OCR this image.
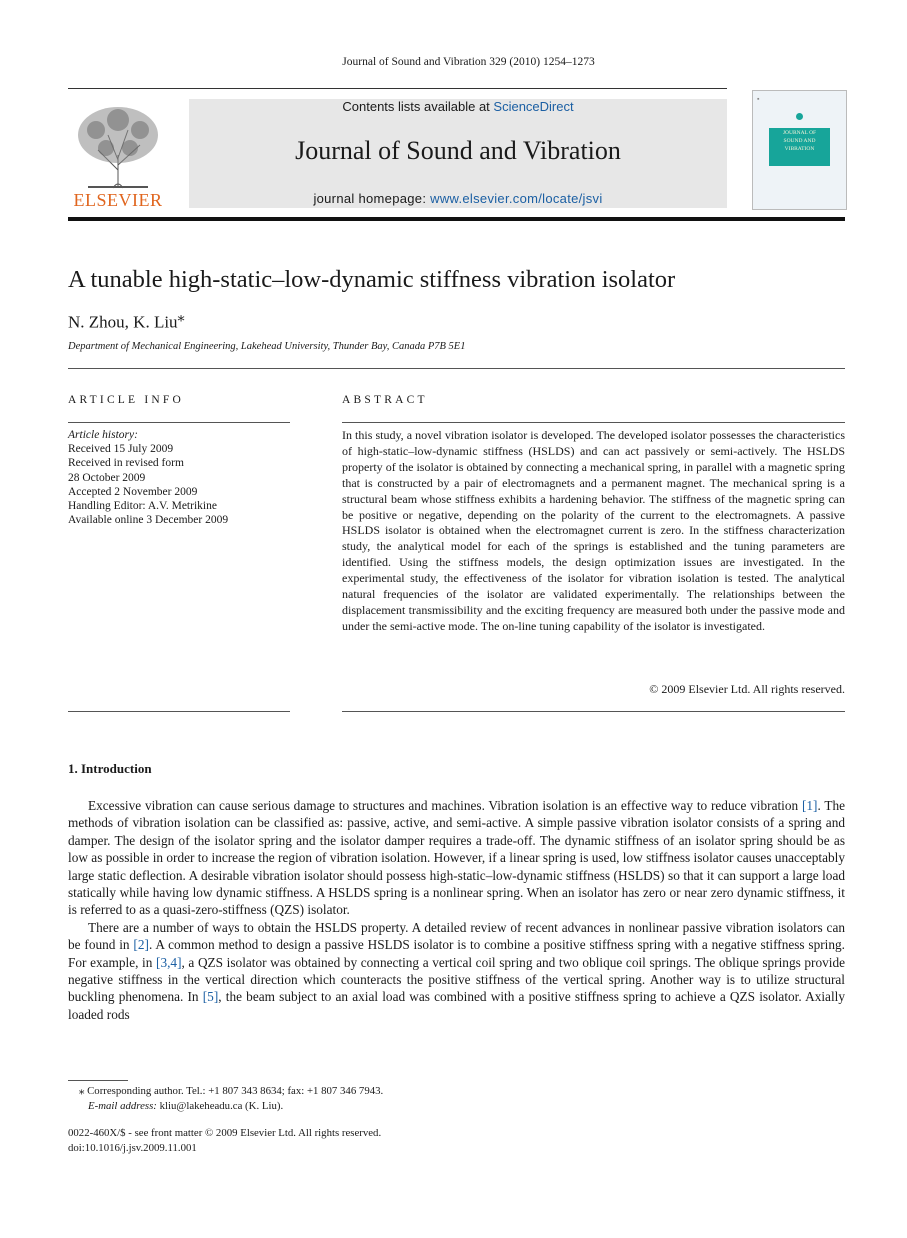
Journal of Sound and Vibration 329 (2010) 1254–1273
ELSEVIER
Contents lists available at ScienceDirect
Journal of Sound and Vibration
journal homepage: www.elsevier.com/locate/jsvi
▪
JOURNAL OF
SOUND AND
VIBRATION
A tunable high-static–low-dynamic stiffness vibration isolator
N. Zhou, K. Liu⁎
Department of Mechanical Engineering, Lakehead University, Thunder Bay, Canada P7B 5E1
ARTICLE INFO	ABSTRACT
Article history:
Received 15 July 2009
Received in revised form
28 October 2009
Accepted 2 November 2009
Handling Editor: A.V. Metrikine
Available online 3 December 2009
In this study, a novel vibration isolator is developed. The developed isolator possesses the characteristics of high-static–low-dynamic stiffness (HSLDS) and can act passively or semi-actively. The HSLDS property of the isolator is obtained by connecting a mechanical spring, in parallel with a magnetic spring that is constructed by a pair of electromagnets and a permanent magnet. The mechanical spring is a structural beam whose stiffness exhibits a hardening behavior. The stiffness of the magnetic spring can be positive or negative, depending on the polarity of the current to the electromagnets. A passive HSLDS isolator is obtained when the electromagnet current is zero. In the stiffness characterization study, the analytical model for each of the springs is established and the tuning parameters are identified. Using the stiffness models, the design optimization issues are investigated. In the experimental study, the effectiveness of the isolator for vibration isolation is tested. The analytical natural frequencies of the isolator are validated experimentally. The relationships between the displacement transmissibility and the exciting frequency are measured both under the passive mode and under the semi-active mode. The on-line tuning capability of the isolator is investigated.
© 2009 Elsevier Ltd. All rights reserved.
1. Introduction

Excessive vibration can cause serious damage to structures and machines. Vibration isolation is an effective way to reduce vibration [1]. The methods of vibration isolation can be classified as: passive, active, and semi-active. A simple passive vibration isolator consists of a spring and damper. The design of the isolator spring and the isolator damper requires a trade-off. The dynamic stiffness of an isolator spring should be as low as possible in order to increase the region of vibration isolation. However, if a linear spring is used, low stiffness isolator causes unacceptably large static deflection. A desirable vibration isolator should possess high-static–low-dynamic stiffness (HSLDS) so that it can support a large load statically while having low dynamic stiffness. A HSLDS spring is a nonlinear spring. When an isolator has zero or near zero dynamic stiffness, it is referred to as a quasi-zero-stiffness (QZS) isolator.

There are a number of ways to obtain the HSLDS property. A detailed review of recent advances in nonlinear passive vibration isolators can be found in [2]. A common method to design a passive HSLDS isolator is to combine a positive stiffness spring with a negative stiffness spring. For example, in [3,4], a QZS isolator was obtained by connecting a vertical coil spring and two oblique coil springs. The oblique springs provide negative stiffness in the vertical direction which counteracts the positive stiffness of the vertical spring. Another way is to utilize structural buckling phenomena. In [5], the beam subject to an axial load was combined with a positive stiffness spring to achieve a QZS isolator. Axially loaded rods

⁎ Corresponding author. Tel.: +1 807 343 8634; fax: +1 807 346 7943.
E-mail address: kliu@lakeheadu.ca (K. Liu).
0022-460X/$ - see front matter © 2009 Elsevier Ltd. All rights reserved.
doi:10.1016/j.jsv.2009.11.001
